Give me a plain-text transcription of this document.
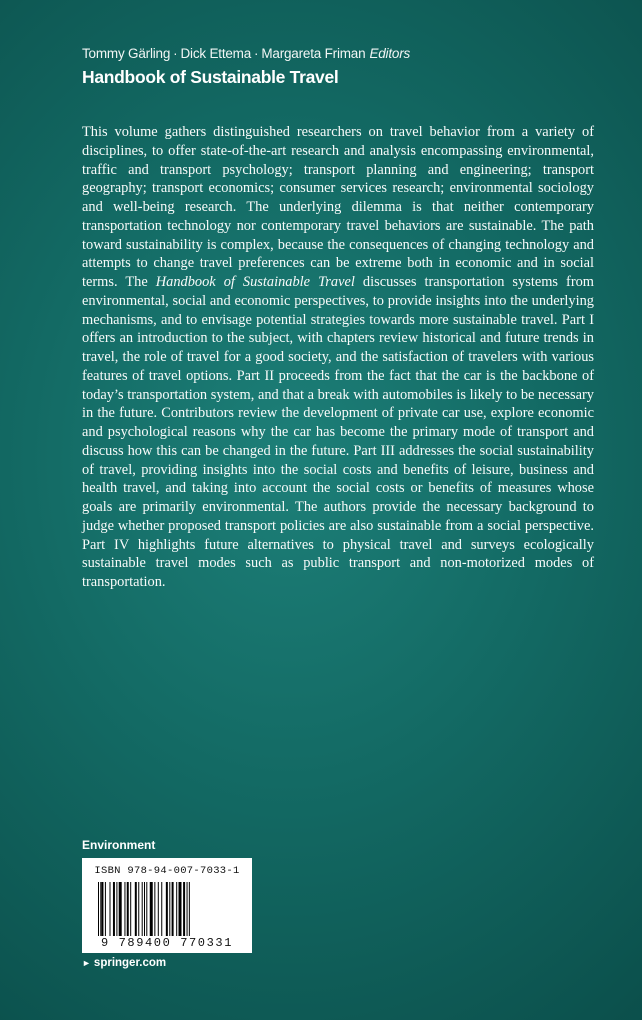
Tommy Gärling · Dick Ettema · Margareta Friman Editors
Handbook of Sustainable Travel

This volume gathers distinguished researchers on travel behavior from a variety of disciplines, to offer state-of-the-art research and analysis encompassing environmental, traffic and transport psychology; transport planning and engineering; transport geography; transport economics; consumer services research; environmental sociology and well-being research. The underlying dilemma is that neither contemporary transportation technology nor contemporary travel behaviors are sustainable. The path toward sustainability is complex, because the consequences of changing technology and attempts to change travel preferences can be extreme both in economic and in social terms. The Handbook of Sustainable Travel discusses transportation systems from environmental, social and economic perspectives, to provide insights into the underlying mechanisms, and to envisage potential strategies towards more sustainable travel. Part I offers an introduction to the subject, with chapters review historical and future trends in travel, the role of travel for a good society, and the satisfaction of travelers with various features of travel options. Part II proceeds from the fact that the car is the backbone of today’s transportation system, and that a break with automobiles is likely to be necessary in the future. Contributors review the development of private car use, explore economic and psychological reasons why the car has become the primary mode of transport and discuss how this can be changed in the future. Part III addresses the social sustainability of travel, providing insights into the social costs and benefits of leisure, business and health travel, and taking into account the social costs or benefits of measures whose goals are primarily environmental. The authors provide the necessary background to judge whether proposed transport policies are also sustainable from a social perspective. Part IV highlights future alternatives to physical travel and surveys ecologically sustainable travel modes such as public transport and non-motorized modes of transportation.

Environment
ISBN 978-94-007-7033-1
9 789400 770331
► springer.com
